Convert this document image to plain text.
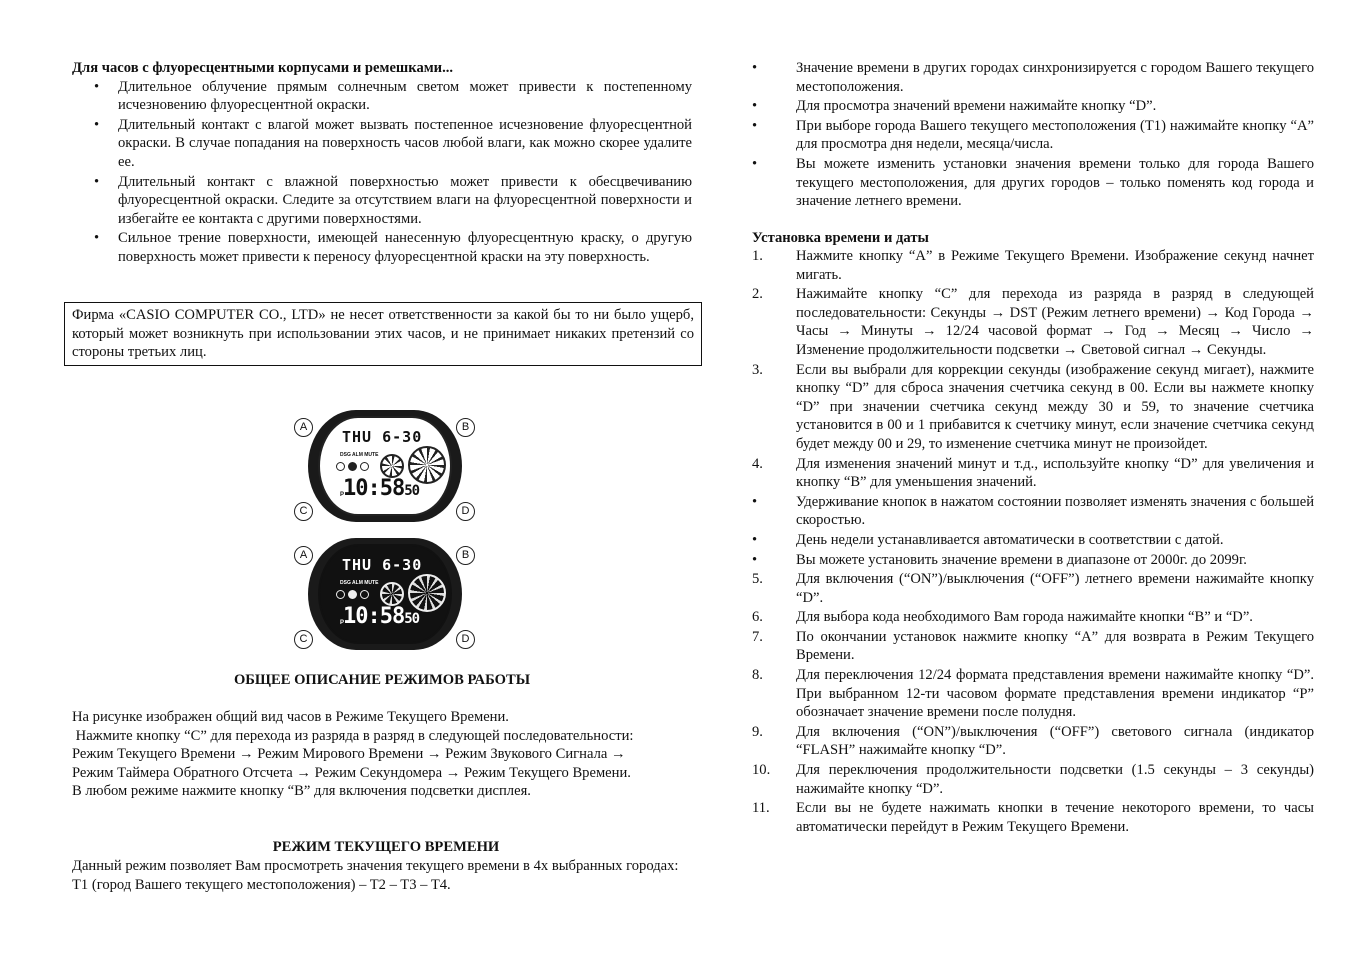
Для часов с флуоресцентными корпусами и ремешками...
• Длительное облучение прямым солнечным светом может привести к постепенному исчезновению флуоресцентной окраски.
• Длительный контакт с влагой может вызвать постепенное исчезновение флуоресцентной окраски. В случае попадания на поверхность часов любой влаги, как можно скорее удалите ее.
• Длительный контакт с влажной поверхностью может привести к обесцвечиванию флуоресцентной окраски. Следите за отсутствием влаги на флуоресцентной поверхности и избегайте ее контакта с другими поверхностями.
• Сильное трение поверхности, имеющей нанесенную флуоресцентную краску, о другую поверхность может привести к переносу флуоресцентной краски на эту поверхность.
Фирма «CASIO COMPUTER CO., LTD» не несет ответственности за какой бы то ни было ущерб, который может возникнуть при использовании этих часов, и не принимает никаких претензий со стороны третьих лиц.
A	B
C	D
THU 6-30
DSG ALM MUTE
P
10:5850
A	B
C	D
THU 6-30
DSG ALM MUTE
P
10:5850
ОБЩЕЕ ОПИСАНИЕ РЕЖИМОВ РАБОТЫ
На рисунке изображен общий вид часов в Режиме Текущего Времени.
Нажмите кнопку “C” для перехода из разряда в разряд в следующей последовательности:
Режим Текущего Времени → Режим Мирового Времени → Режим Звукового Сигнала →
Режим Таймера Обратного Отсчета → Режим Секундомера → Режим Текущего Времени.
В любом режиме нажмите кнопку “B” для включения подсветки дисплея.
РЕЖИМ ТЕКУЩЕГО ВРЕМЕНИ
Данный режим позволяет Вам просмотреть значения текущего времени в 4х выбранных городах: T1 (город Вашего текущего местоположения) – T2 – T3 – T4.
•	Значение времени в других городах синхронизируется с городом Вашего текущего местоположения.
•	Для просмотра значений времени нажимайте кнопку “D”.
•	При выборе города Вашего текущего местоположения (T1) нажимайте кнопку “A” для просмотра дня недели, месяца/числа.
•	Вы можете изменить установки значения времени только для города Вашего текущего местоположения, для других городов – только поменять код города и значение летнего времени.
Установка времени и даты
1.	Нажмите кнопку “A” в Режиме Текущего Времени. Изображение секунд начнет мигать.
2.	Нажимайте кнопку “C” для перехода из разряда в разряд в следующей последовательности: Секунды → DST (Режим летнего времени) → Код Города → Часы → Минуты → 12/24 часовой формат → Год → Месяц → Число → Изменение продолжительности подсветки → Световой сигнал → Секунды.
3.	Если вы выбрали для коррекции секунды (изображение секунд мигает), нажмите кнопку “D” для сброса значения счетчика секунд в 00. Если вы нажмете кнопку “D” при значении счетчика секунд между 30 и 59, то значение счетчика установится в 00 и 1 прибавится к счетчику минут, если значение счетчика секунд будет между 00 и 29, то изменение счетчика минут не произойдет.
4.	Для изменения значений минут и т.д., используйте кнопку “D” для увеличения и кнопку “B” для уменьшения значений.
•	Удерживание кнопок в нажатом состоянии позволяет изменять значения с большей скоростью.
•	День недели устанавливается автоматически в соответствии с датой.
•	Вы можете установить значение времени в диапазоне от 2000г. до 2099г.
5.	Для включения (“ON”)/выключения (“OFF”) летнего времени нажимайте кнопку “D”.
6.	Для выбора кода необходимого Вам города нажимайте кнопки “B” и “D”.
7.	По окончании установок нажмите кнопку “A” для возврата в Режим Текущего Времени.
8.	Для переключения 12/24 формата представления времени нажимайте кнопку “D”. При выбранном 12-ти часовом формате представления времени индикатор “P” обозначает значение времени после полудня.
9.	Для включения (“ON”)/выключения (“OFF”) светового сигнала (индикатор “FLASH” нажимайте кнопку “D”.
10. Для переключения продолжительности подсветки (1.5 секунды – 3 секунды) нажимайте кнопку “D”.
11. Если вы не будете нажимать кнопки в течение некоторого времени, то часы автоматически перейдут в Режим Текущего Времени.
